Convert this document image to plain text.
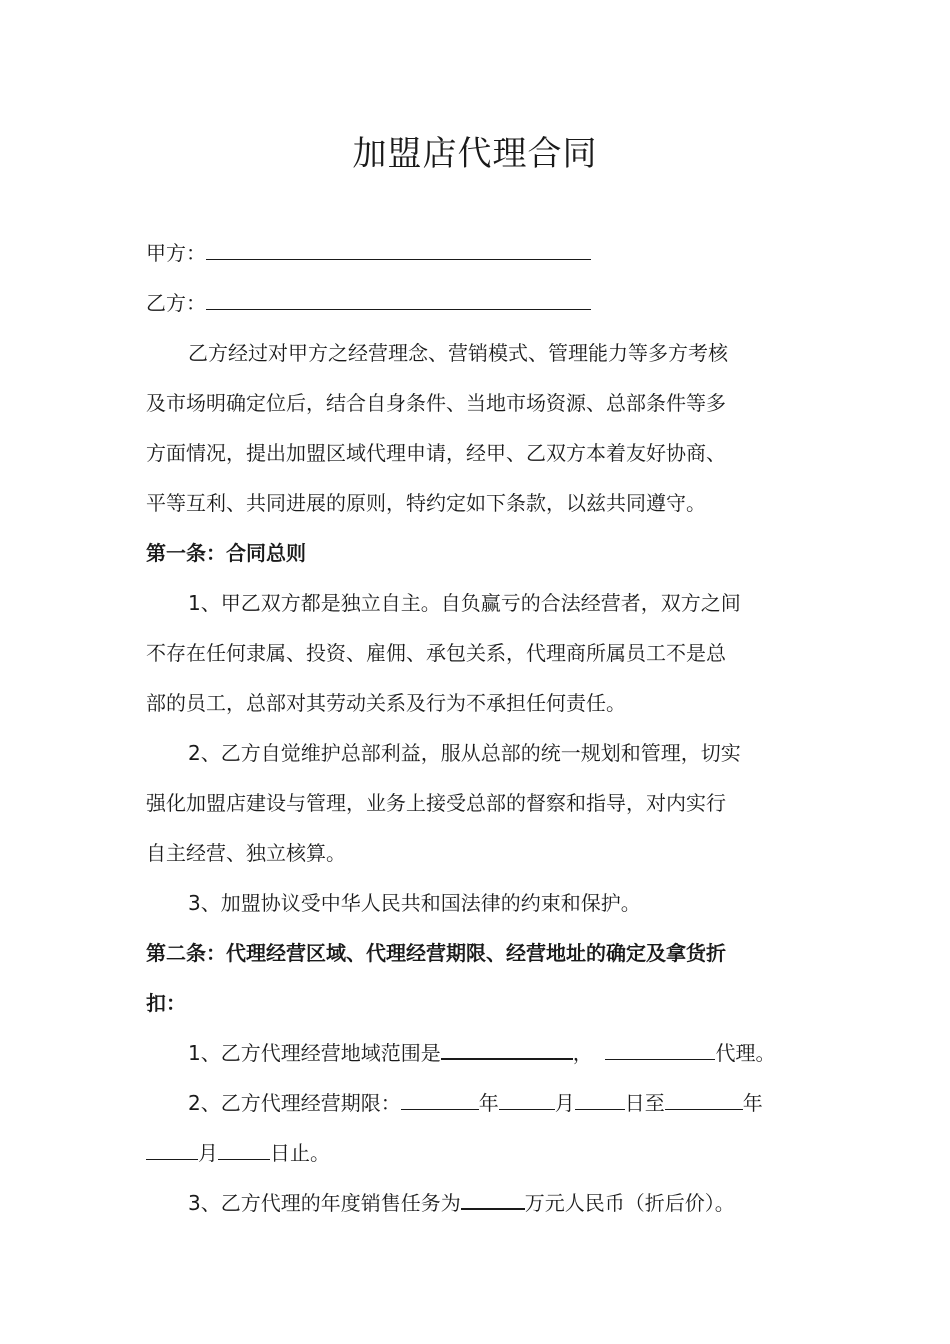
加盟店代理合同
甲方：
乙方：
乙方经过对甲方之经营理念、营销模式、管理能力等多方考核
及市场明确定位后，结合自身条件、当地市场资源、总部条件等多
方面情况，提出加盟区域代理申请，经甲、乙双方本着友好协商、
平等互利、共同进展的原则，特约定如下条款，以兹共同遵守。
第一条：合同总则
1、甲乙双方都是独立自主。自负赢亏的合法经营者，双方之间
不存在任何隶属、投资、雇佣、承包关系，代理商所属员工不是总
部的员工，总部对其劳动关系及行为不承担任何责任。
2、乙方自觉维护总部利益，服从总部的统一规划和管理，切实
强化加盟店建设与管理，业务上接受总部的督察和指导，对内实行
自主经营、独立核算。
3、加盟协议受中华人民共和国法律的约束和保护。
第二条：代理经营区域、代理经营期限、经营地址的确定及拿货折
扣：
1、乙方代理经营地域范围是	，	代理。
2、乙方代理经营期限：	年	月	日至	年
月	日止。
3、乙方代理的年度销售任务为	万元人民币（折后价）。
